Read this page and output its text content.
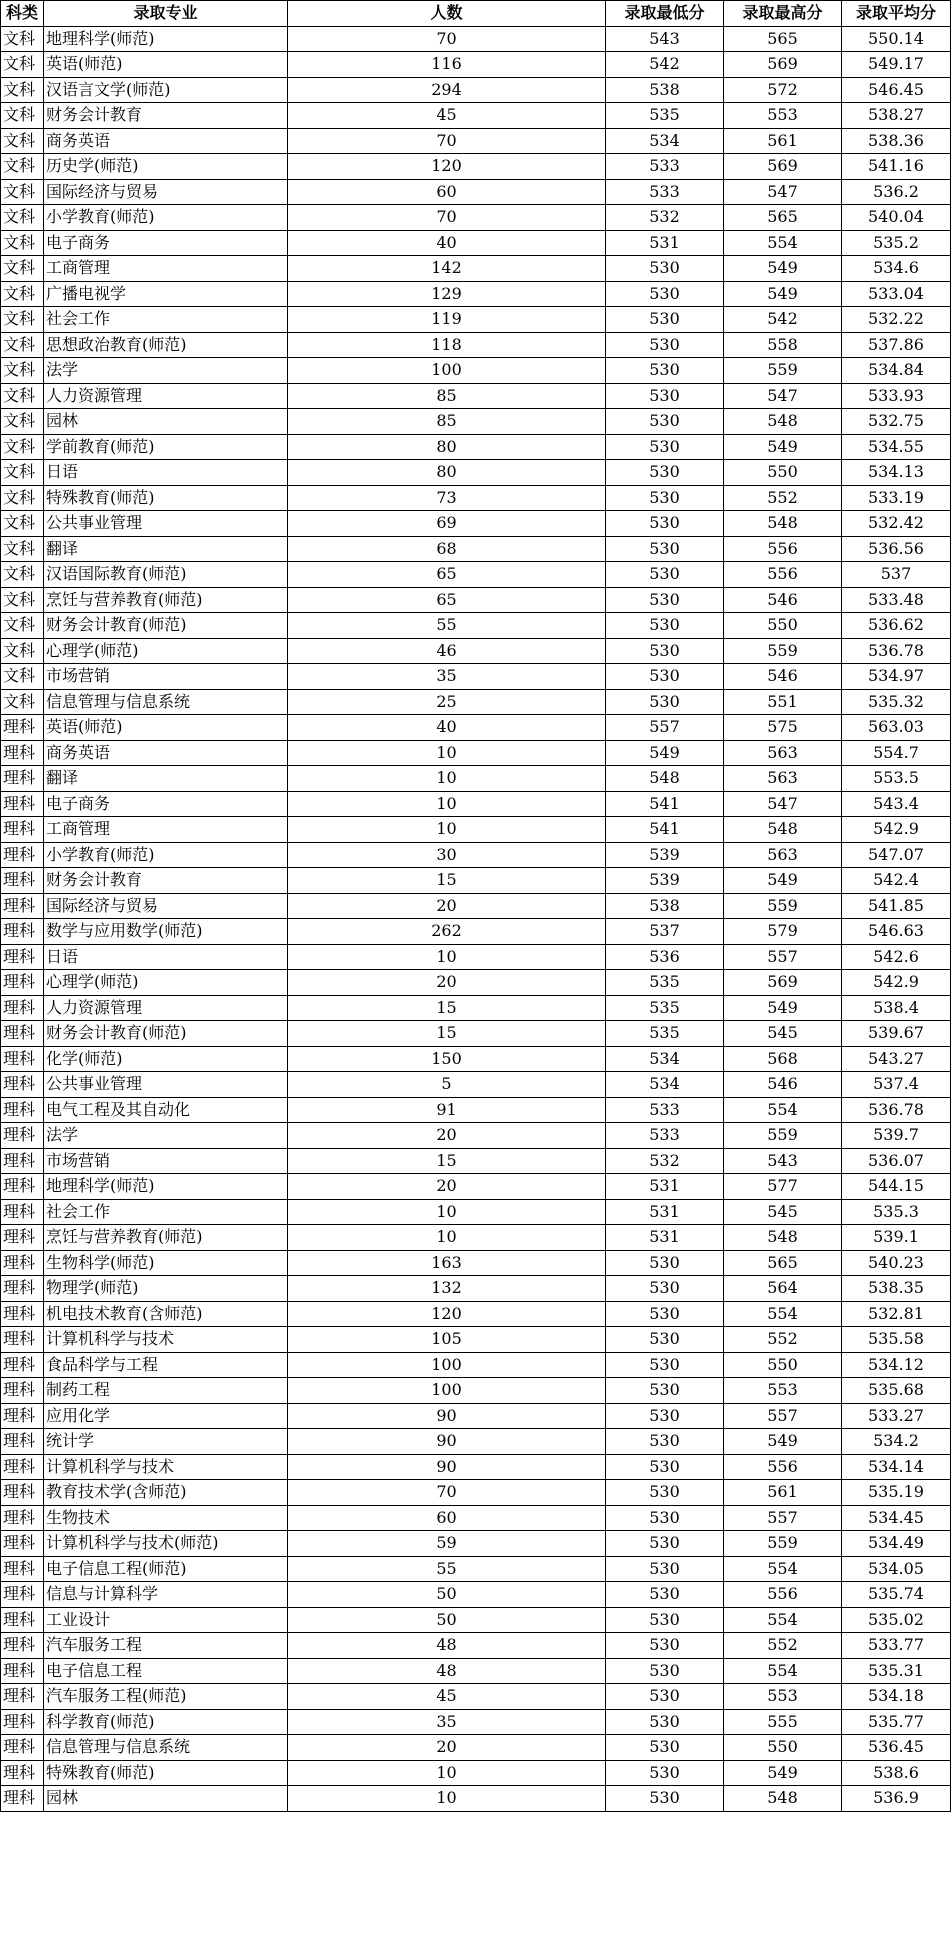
科类	录取专业	人数	录取最低分	录取最高分	录取平均分
文科	地理科学(师范)	70	543	565	550.14
文科	英语(师范)	116	542	569	549.17
文科	汉语言文学(师范)	294	538	572	546.45
文科	财务会计教育	45	535	553	538.27
文科	商务英语	70	534	561	538.36
文科	历史学(师范)	120	533	569	541.16
文科	国际经济与贸易	60	533	547	536.2
文科	小学教育(师范)	70	532	565	540.04
文科	电子商务	40	531	554	535.2
文科	工商管理	142	530	549	534.6
文科	广播电视学	129	530	549	533.04
文科	社会工作	119	530	542	532.22
文科	思想政治教育(师范)	118	530	558	537.86
文科	法学	100	530	559	534.84
文科	人力资源管理	85	530	547	533.93
文科	园林	85	530	548	532.75
文科	学前教育(师范)	80	530	549	534.55
文科	日语	80	530	550	534.13
文科	特殊教育(师范)	73	530	552	533.19
文科	公共事业管理	69	530	548	532.42
文科	翻译	68	530	556	536.56
文科	汉语国际教育(师范)	65	530	556	537
文科	烹饪与营养教育(师范)	65	530	546	533.48
文科	财务会计教育(师范)	55	530	550	536.62
文科	心理学(师范)	46	530	559	536.78
文科	市场营销	35	530	546	534.97
文科	信息管理与信息系统	25	530	551	535.32
理科	英语(师范)	40	557	575	563.03
理科	商务英语	10	549	563	554.7
理科	翻译	10	548	563	553.5
理科	电子商务	10	541	547	543.4
理科	工商管理	10	541	548	542.9
理科	小学教育(师范)	30	539	563	547.07
理科	财务会计教育	15	539	549	542.4
理科	国际经济与贸易	20	538	559	541.85
理科	数学与应用数学(师范)	262	537	579	546.63
理科	日语	10	536	557	542.6
理科	心理学(师范)	20	535	569	542.9
理科	人力资源管理	15	535	549	538.4
理科	财务会计教育(师范)	15	535	545	539.67
理科	化学(师范)	150	534	568	543.27
理科	公共事业管理	5	534	546	537.4
理科	电气工程及其自动化	91	533	554	536.78
理科	法学	20	533	559	539.7
理科	市场营销	15	532	543	536.07
理科	地理科学(师范)	20	531	577	544.15
理科	社会工作	10	531	545	535.3
理科	烹饪与营养教育(师范)	10	531	548	539.1
理科	生物科学(师范)	163	530	565	540.23
理科	物理学(师范)	132	530	564	538.35
理科	机电技术教育(含师范)	120	530	554	532.81
理科	计算机科学与技术	105	530	552	535.58
理科	食品科学与工程	100	530	550	534.12
理科	制药工程	100	530	553	535.68
理科	应用化学	90	530	557	533.27
理科	统计学	90	530	549	534.2
理科	计算机科学与技术	90	530	556	534.14
理科	教育技术学(含师范)	70	530	561	535.19
理科	生物技术	60	530	557	534.45
理科	计算机科学与技术(师范)	59	530	559	534.49
理科	电子信息工程(师范)	55	530	554	534.05
理科	信息与计算科学	50	530	556	535.74
理科	工业设计	50	530	554	535.02
理科	汽车服务工程	48	530	552	533.77
理科	电子信息工程	48	530	554	535.31
理科	汽车服务工程(师范)	45	530	553	534.18
理科	科学教育(师范)	35	530	555	535.77
理科	信息管理与信息系统	20	530	550	536.45
理科	特殊教育(师范)	10	530	549	538.6
理科	园林	10	530	548	536.9
